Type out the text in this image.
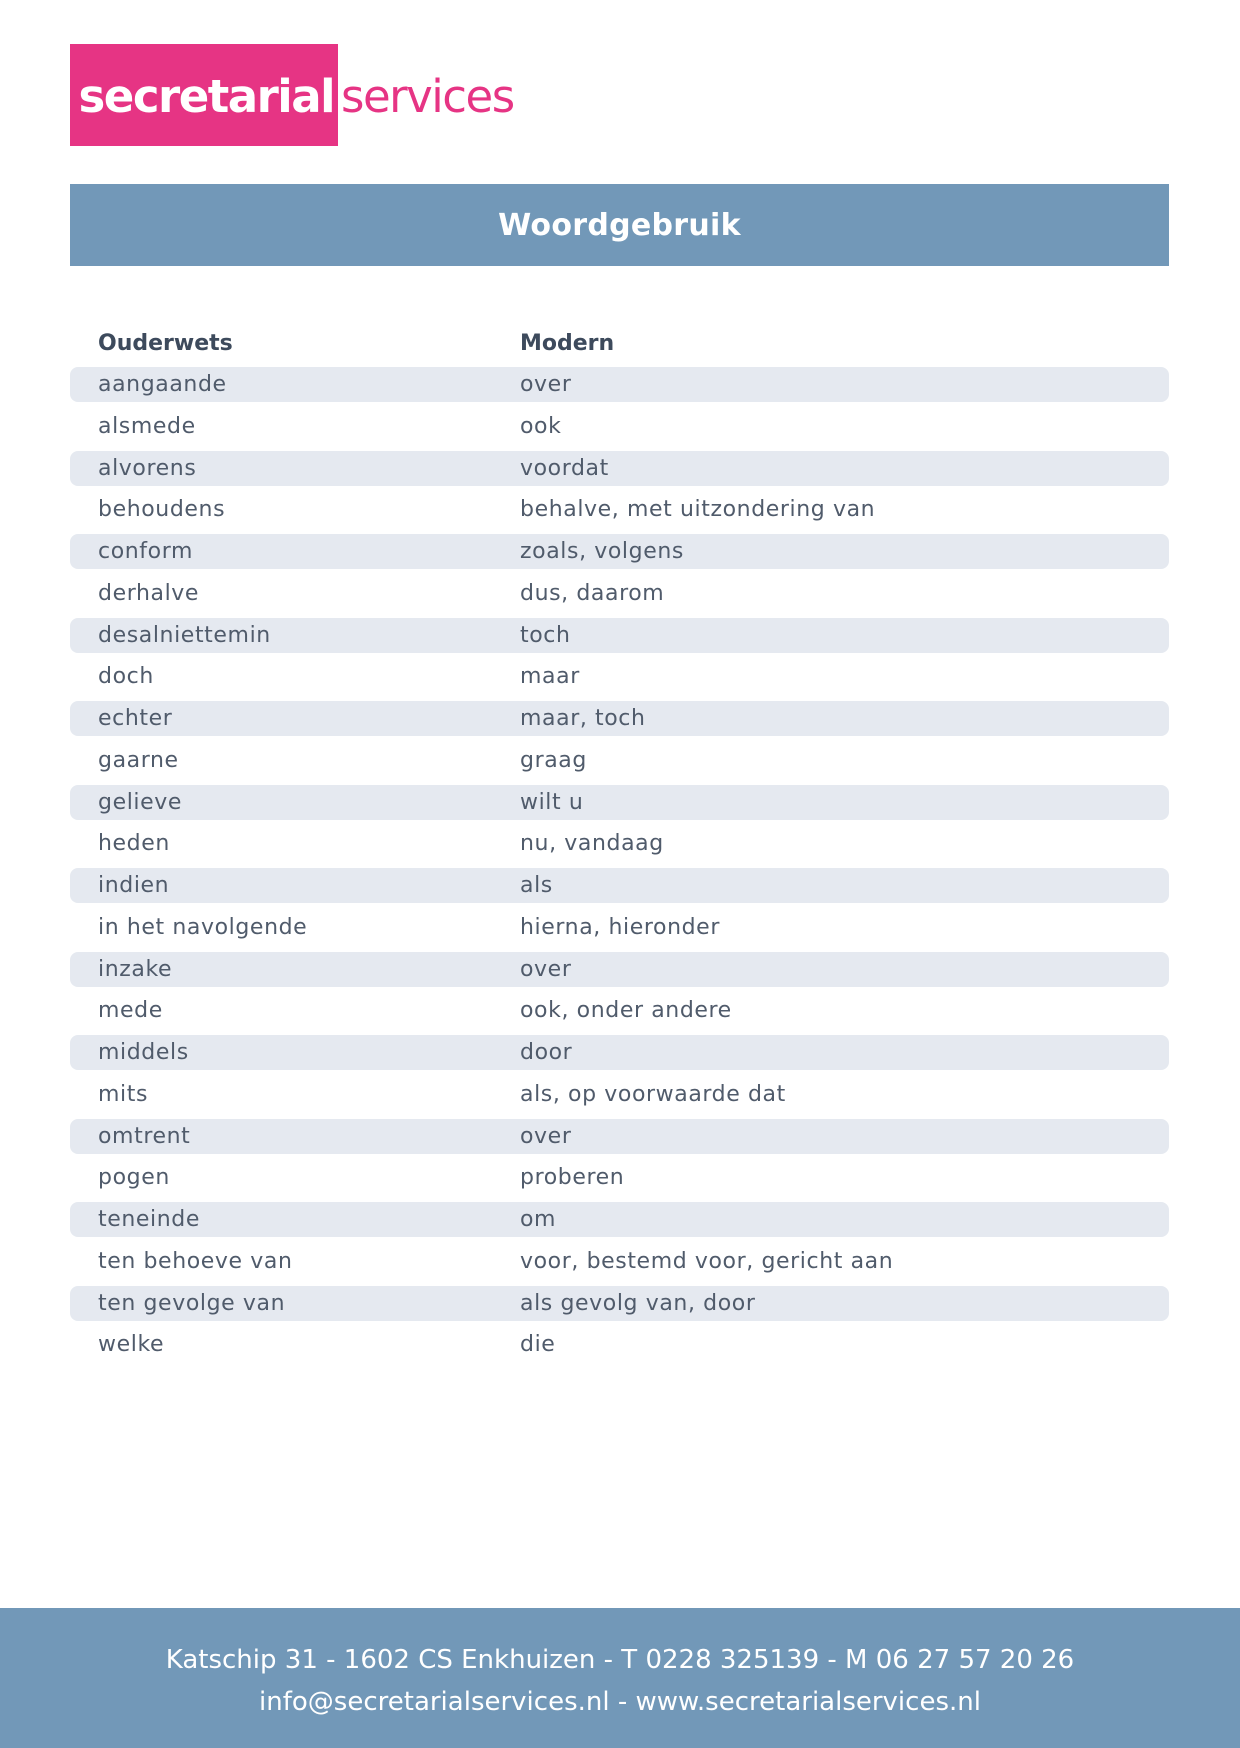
secretarial services
Woordgebruik
Ouderwets	Modern
aangaande	over
alsmede	ook
alvorens	voordat
behoudens	behalve, met uitzondering van
conform	zoals, volgens
derhalve	dus, daarom
desalniettemin	toch
doch	maar
echter	maar, toch
gaarne	graag
gelieve	wilt u
heden	nu, vandaag
indien	als
in het navolgende	hierna, hieronder
inzake	over
mede	ook, onder andere
middels	door
mits	als, op voorwaarde dat
omtrent	over
pogen	proberen
teneinde	om
ten behoeve van	voor, bestemd voor, gericht aan
ten gevolge van	als gevolg van, door
welke	die
Katschip 31 - 1602 CS Enkhuizen - T 0228 325139 - M 06 27 57 20 26
info@secretarialservices.nl - www.secretarialservices.nl
